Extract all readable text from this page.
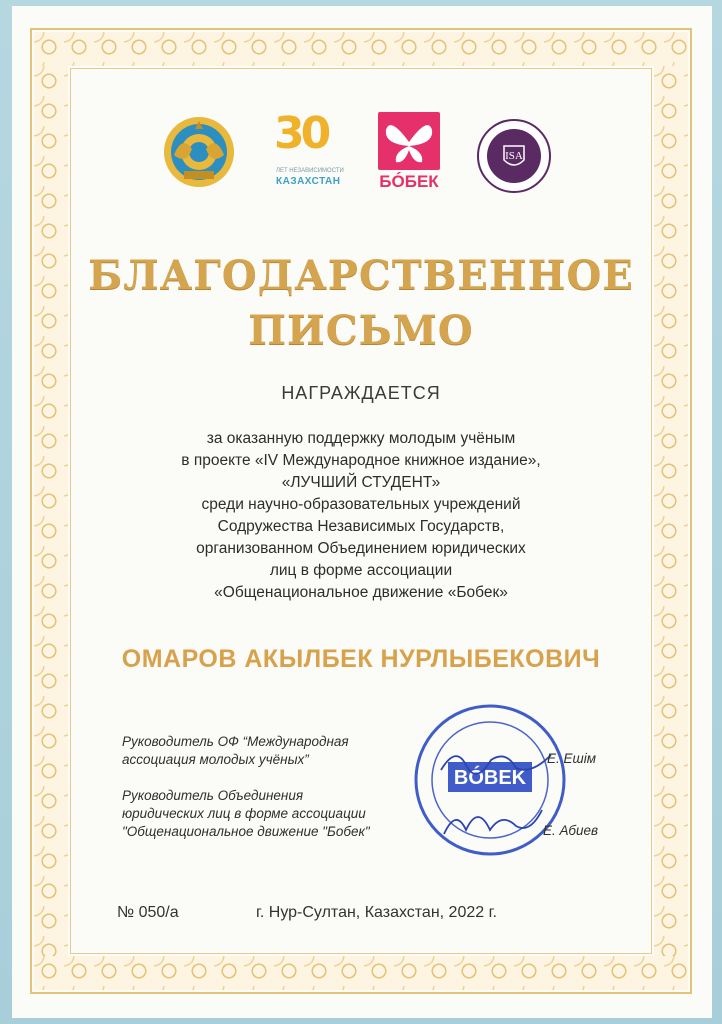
30
ЛЕТ НЕЗАВИСИМОСТИ
КАЗАХСТАН БÓБЕК
ISA
БЛАГОДАРСТВЕННОЕ
ПИСЬМО
НАГРАЖДАЕТСЯ
за оказанную поддержку молодым учёным
в проекте «IV Международное книжное издание»,
«ЛУЧШИЙ СТУДЕНТ»
среди научно-образовательных учреждений
Содружества Независимых Государств,
организованном Объединением юридических
лиц в форме ассоциации
«Общенациональное движение «Бобек»
ОМАРОВ АКЫЛБЕК НУРЛЫБЕКОВИЧ
Руководитель ОФ “Международная
ассоциация молодых учёных”
Руководитель Объединения
юридических лиц в форме ассоциации
"Общенациональное движение "Бобек"
BÓBEK
Е. Ешім
Е. Абиев
№ 050/а	г. Нур-Султан, Казахстан, 2022 г.
